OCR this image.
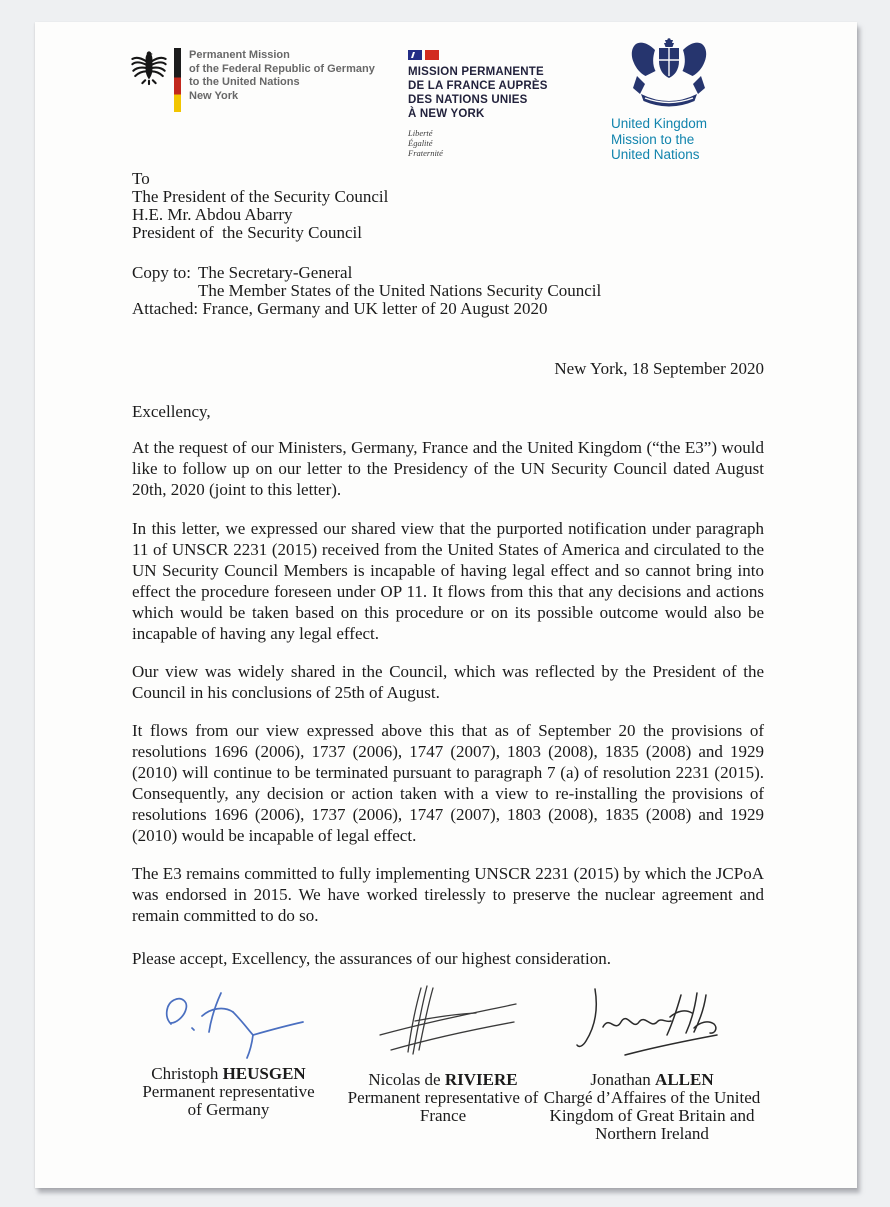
Permanent Mission
of the Federal Republic of Germany
to the United Nations
New York
MISSION PERMANENTE
DE LA FRANCE AUPRÈS
DES NATIONS UNIES
À NEW YORK
Liberté
Égalité
Fraternité
United Kingdom
Mission to the
United Nations
To
The President of the Security Council
H.E. Mr. Abdou Abarry
President of  the Security Council
Copy to: The Secretary-General
The Member States of the United Nations Security Council
Attached: France, Germany and UK letter of 20 August 2020
New York, 18 September 2020
Excellency,

At the request of our Ministers, Germany, France and the United Kingdom (“the E3”) would like to follow up on our letter to the Presidency of the UN Security Council dated August 20th, 2020 (joint to this letter).

In this letter, we expressed our shared view that the purported notification under paragraph 11 of UNSCR 2231 (2015) received from the United States of America and circulated to the UN Security Council Members is incapable of having legal effect and so cannot bring into effect the procedure foreseen under OP 11. It flows from this that any decisions and actions which would be taken based on this procedure or on its possible outcome would also be incapable of having any legal effect.

Our view was widely shared in the Council, which was reflected by the President of the Council in his conclusions of 25th of August.

It flows from our view expressed above this that as of September 20 the provisions of resolutions 1696 (2006), 1737 (2006), 1747 (2007), 1803 (2008), 1835 (2008) and 1929 (2010) will continue to be terminated pursuant to paragraph 7 (a) of resolution 2231 (2015). Consequently, any decision or action taken with a view to re-installing the provisions of resolutions 1696 (2006), 1737 (2006), 1747 (2007), 1803 (2008), 1835 (2008) and 1929 (2010) would be incapable of legal effect.

The E3 remains committed to fully implementing UNSCR 2231 (2015) by which the JCPoA was endorsed in 2015. We have worked tirelessly to preserve the nuclear agreement and remain committed to do so.

Please accept, Excellency, the assurances of our highest consideration.
Christoph HEUSGEN
Permanent representative
of Germany
Nicolas de RIVIERE
Permanent representative of
France
Jonathan ALLEN
Chargé d’Affaires of the United
Kingdom of Great Britain and
Northern Ireland
